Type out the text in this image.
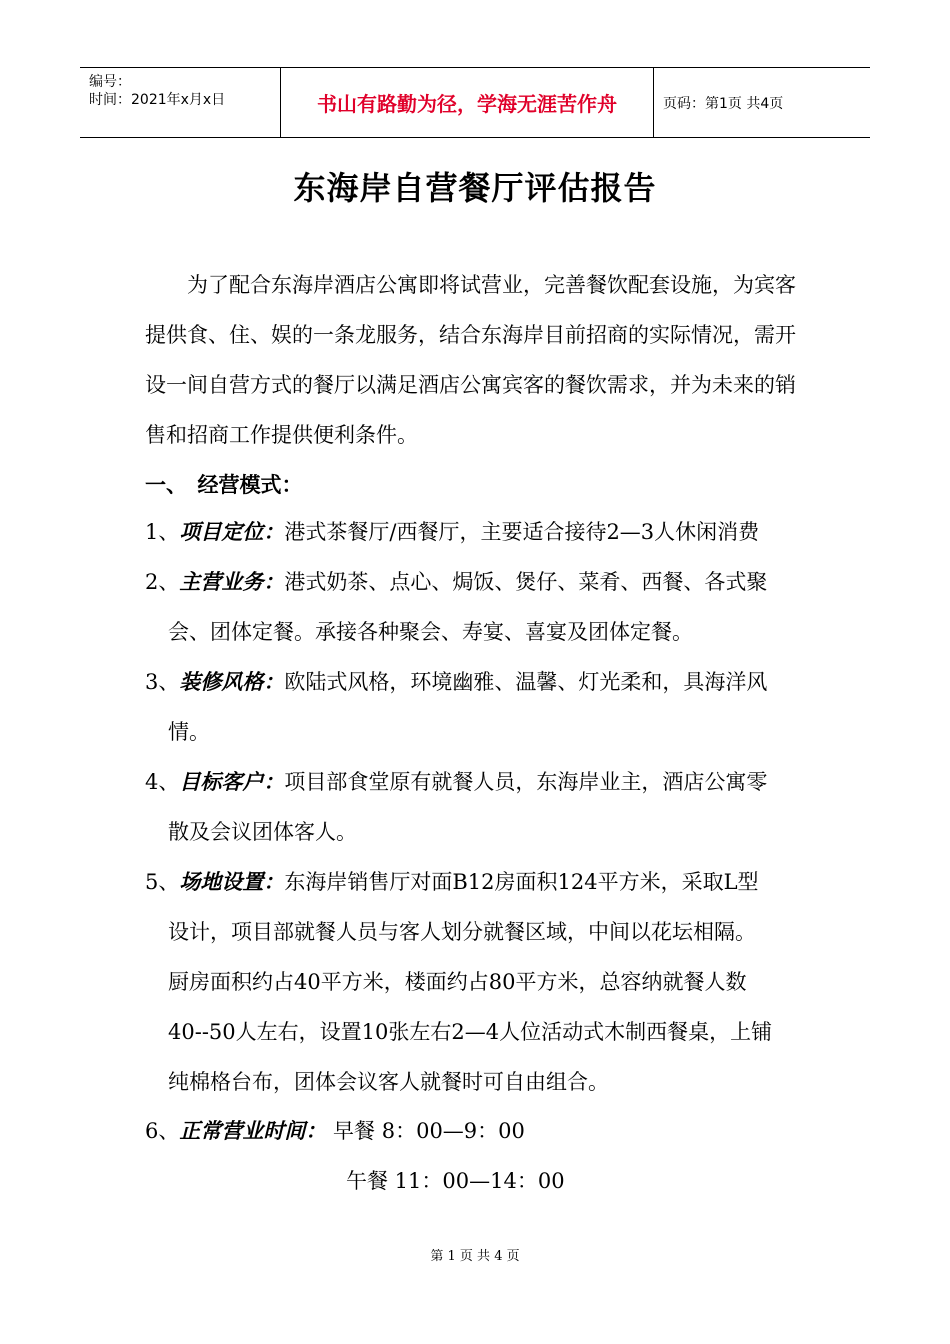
编号：
时间：2021年x月x日	书山有路勤为径，学海无涯苦作舟	页码：第1页 共4页
东海岸自营餐厅评估报告
为了配合东海岸酒店公寓即将试营业，完善餐饮配套设施，为宾客提供食、住、娱的一条龙服务，结合东海岸目前招商的实际情况，需开设一间自营方式的餐厅以满足酒店公寓宾客的餐饮需求，并为未来的销售和招商工作提供便利条件。
一、　经营模式：
1、项目定位：港式茶餐厅/西餐厅，主要适合接待2—3人休闲消费
2、主营业务：港式奶茶、点心、焗饭、煲仔、菜肴、西餐、各式聚
会、团体定餐。承接各种聚会、寿宴、喜宴及团体定餐。
3、装修风格：欧陆式风格，环境幽雅、温馨、灯光柔和，具海洋风
情。
4、目标客户：项目部食堂原有就餐人员，东海岸业主，酒店公寓零
散及会议团体客人。
5、场地设置：东海岸销售厅对面B12房面积124平方米，采取L型
设计，项目部就餐人员与客人划分就餐区域，中间以花坛相隔。
厨房面积约占40平方米，楼面约占80平方米，总容纳就餐人数
40--50人左右，设置10张左右2—4人位活动式木制西餐桌，上铺
纯棉格台布，团体会议客人就餐时可自由组合。
6、正常营业时间： 早餐 8：00—9：00
午餐 11：00—14：00
第 1 页 共 4 页
